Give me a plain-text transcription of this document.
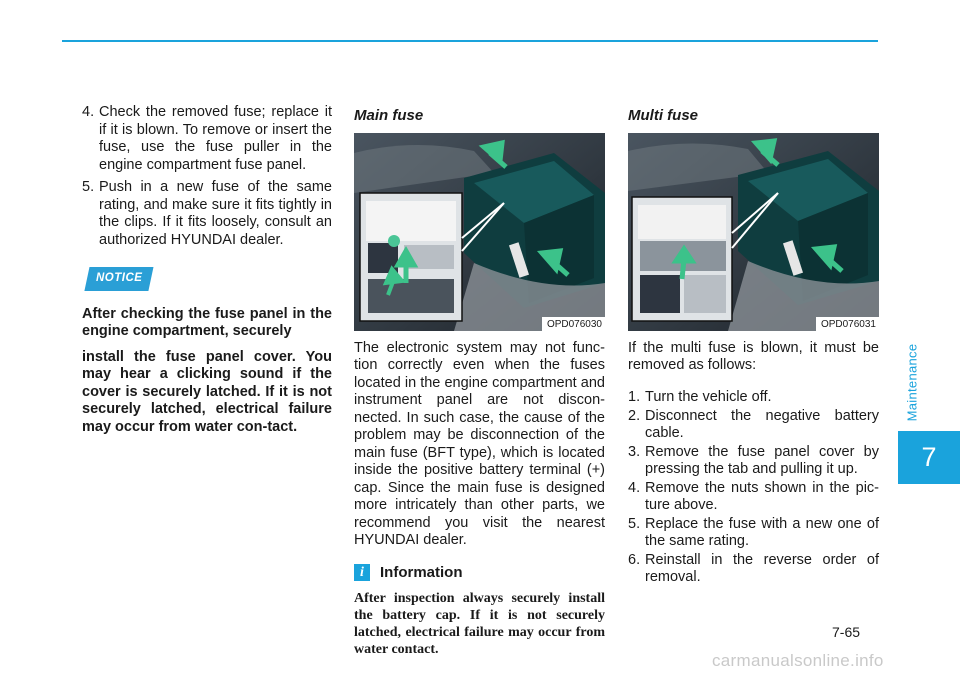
4. Check the removed fuse; replace it if it is blown. To remove or insert the fuse, use the fuse puller in the engine compartment fuse panel.
5. Push in a new fuse of the same rating, and make sure it fits tightly in the clips. If it fits loosely, consult an authorized HYUNDAI dealer.
NOTICE

After checking the fuse panel in the engine compartment, securely

install the fuse panel cover. You may hear a clicking sound if the cover is securely latched. If it is not securely latched, electrical failure may occur from water con-tact.

Main fuse
OPD076030

The electronic system may not func-tion correctly even when the fuses located in the engine compartment and instrument panel are not discon-nected. In such case, the cause of the problem may be disconnection of the main fuse (BFT type), which is located inside the positive battery terminal (+) cap. Since the main fuse is designed more intricately than other parts, we recommend you visit the nearest HYUNDAI dealer.

i	Information
After inspection always securely install the battery cap. If it is not securely latched, electrical failure may occur from water contact.
Multi fuse
OPD076031

If the multi fuse is blown, it must be removed as follows:

1. Turn the vehicle off.
2. Disconnect the negative battery cable.
3. Remove the fuse panel cover by pressing the tab and pulling it up.
4. Remove the nuts shown in the pic-ture above.
5. Replace the fuse with a new one of the same rating.
6. Reinstall in the reverse order of removal.
Maintenance
7
7-65
carmanualsonline.info
